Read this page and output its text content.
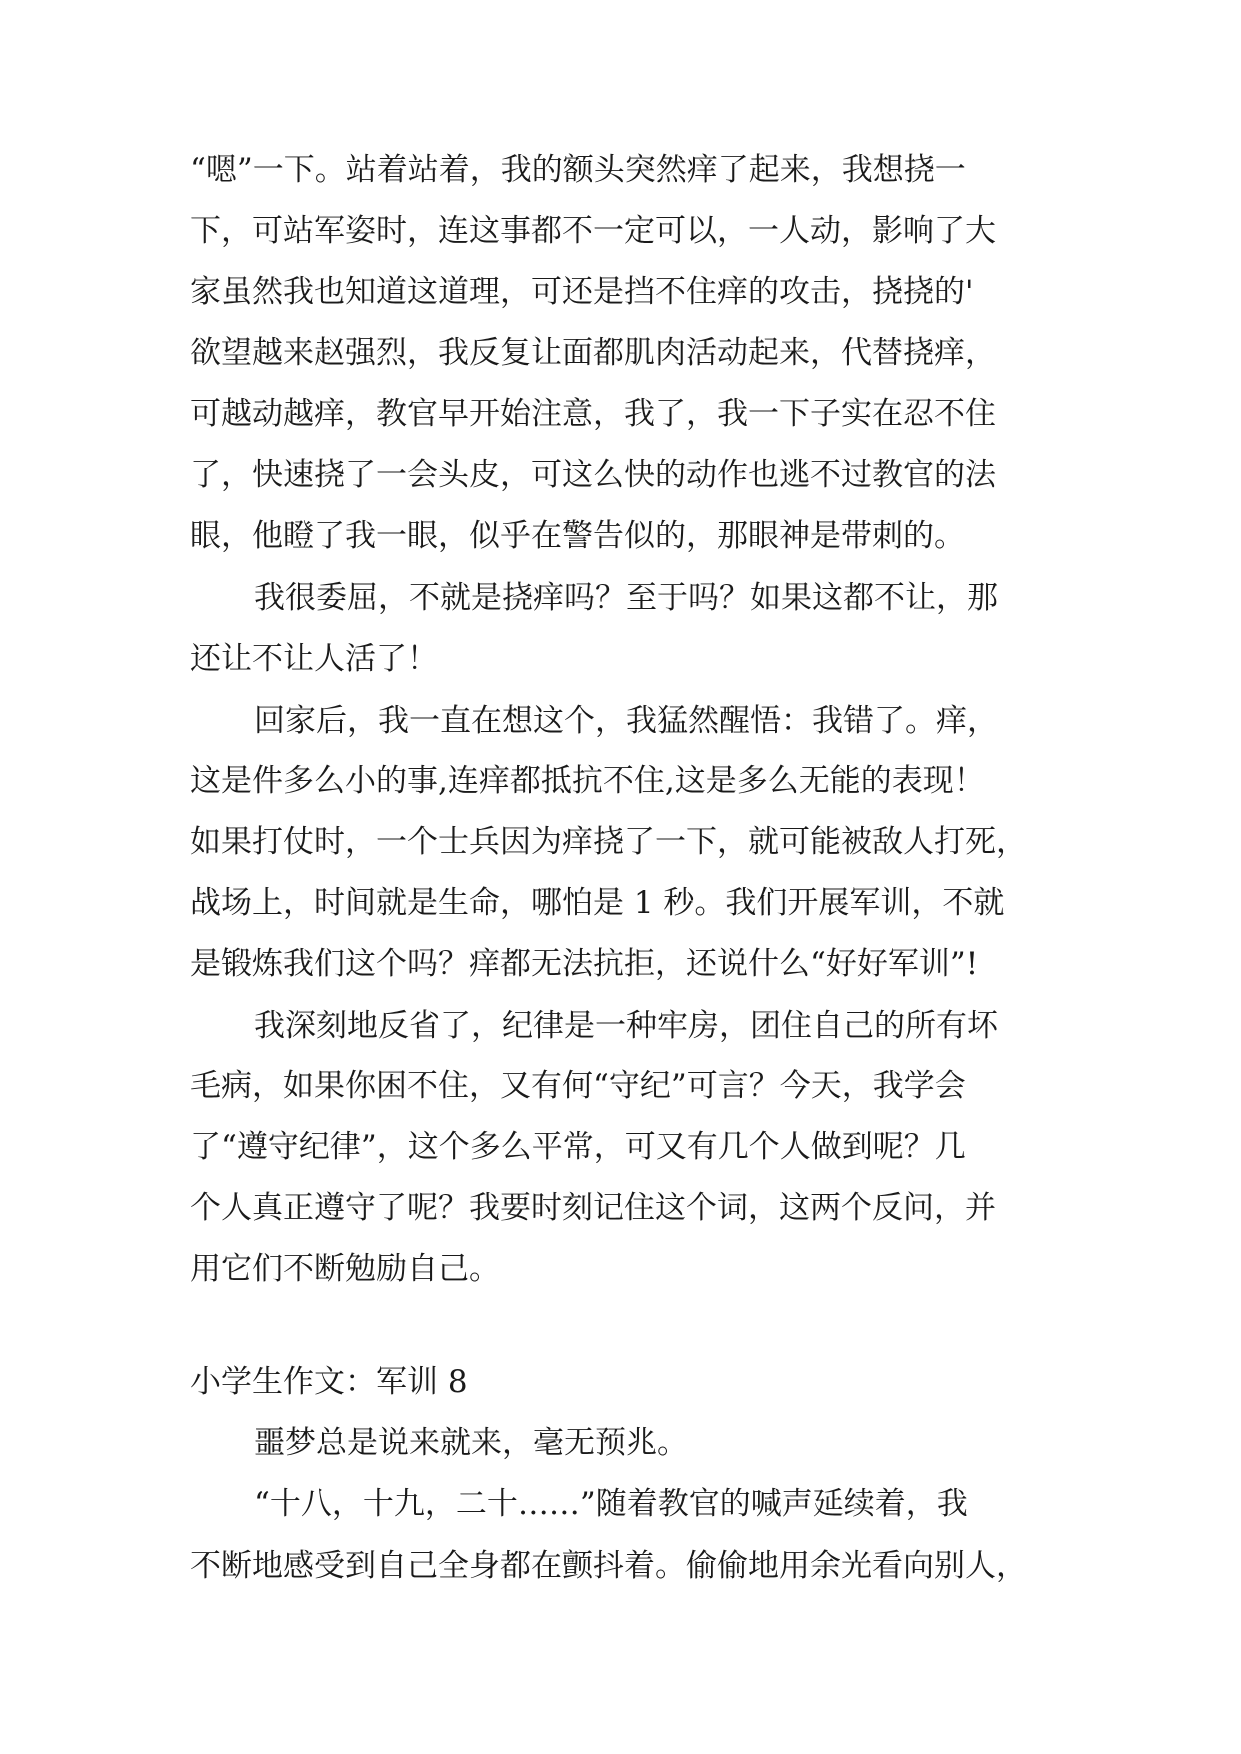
“嗯”一下。站着站着，我的额头突然痒了起来，我想挠一
下，可站军姿时，连这事都不一定可以，一人动，影响了大
家虽然我也知道这道理，可还是挡不住痒的攻击，挠挠的'
欲望越来赵强烈，我反复让面都肌肉活动起来，代替挠痒，
可越动越痒，教官早开始注意，我了，我一下子实在忍不住
了，快速挠了一会头皮，可这么快的动作也逃不过教官的法
眼，他瞪了我一眼，似乎在警告似的，那眼神是带刺的。
我很委屈，不就是挠痒吗？至于吗？如果这都不让，那
还让不让人活了！
回家后，我一直在想这个，我猛然醒悟：我错了。痒，
这是件多么小的事,连痒都抵抗不住,这是多么无能的表现！
如果打仗时，一个士兵因为痒挠了一下，就可能被敌人打死，
战场上，时间就是生命，哪怕是 1 秒。我们开展军训，不就
是锻炼我们这个吗？痒都无法抗拒，还说什么“好好军训”!
我深刻地反省了，纪律是一种牢房，团住自己的所有坏
毛病，如果你困不住，又有何“守纪”可言？今天，我学会
了“遵守纪律”，这个多么平常，可又有几个人做到呢？几
个人真正遵守了呢？我要时刻记住这个词，这两个反问，并
用它们不断勉励自己。
小学生作文：军训 8
噩梦总是说来就来，毫无预兆。
“十八，十九，二十……”随着教官的喊声延续着，我
不断地感受到自己全身都在颤抖着。偷偷地用余光看向别人，
